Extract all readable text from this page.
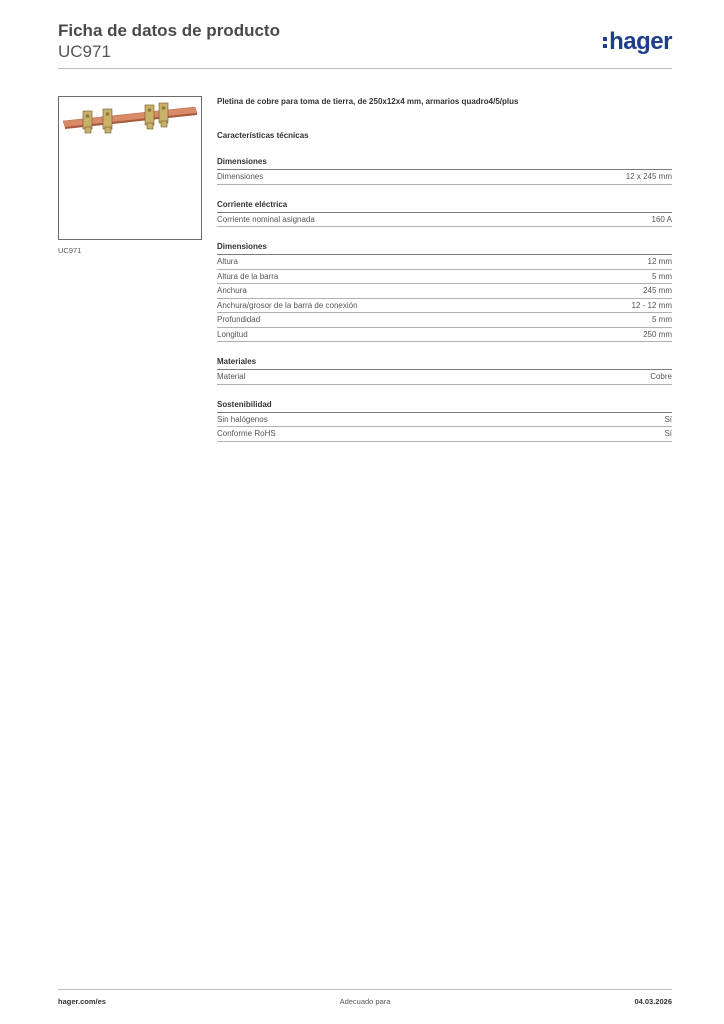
Ficha de datos de producto
UC971	hager
UC971
Pletina de cobre para toma de tierra, de 250x12x4 mm, armarios quadro4/5/plus
Características técnicas
Dimensiones
Dimensiones	12 x 245 mm
Corriente eléctrica
Corriente nominal asignada	160 A
Dimensiones
Altura	12 mm
Altura de la barra	5 mm
Anchura	245 mm
Anchura/grosor de la barra de conexión	12 - 12 mm
Profundidad	5 mm
Longitud	250 mm
Materiales
Material	Cobre
Sostenibilidad
Sin halógenos	Sí
Conforme RoHS	Sí
hager.com/es	Adecuado para	04.03.2026
